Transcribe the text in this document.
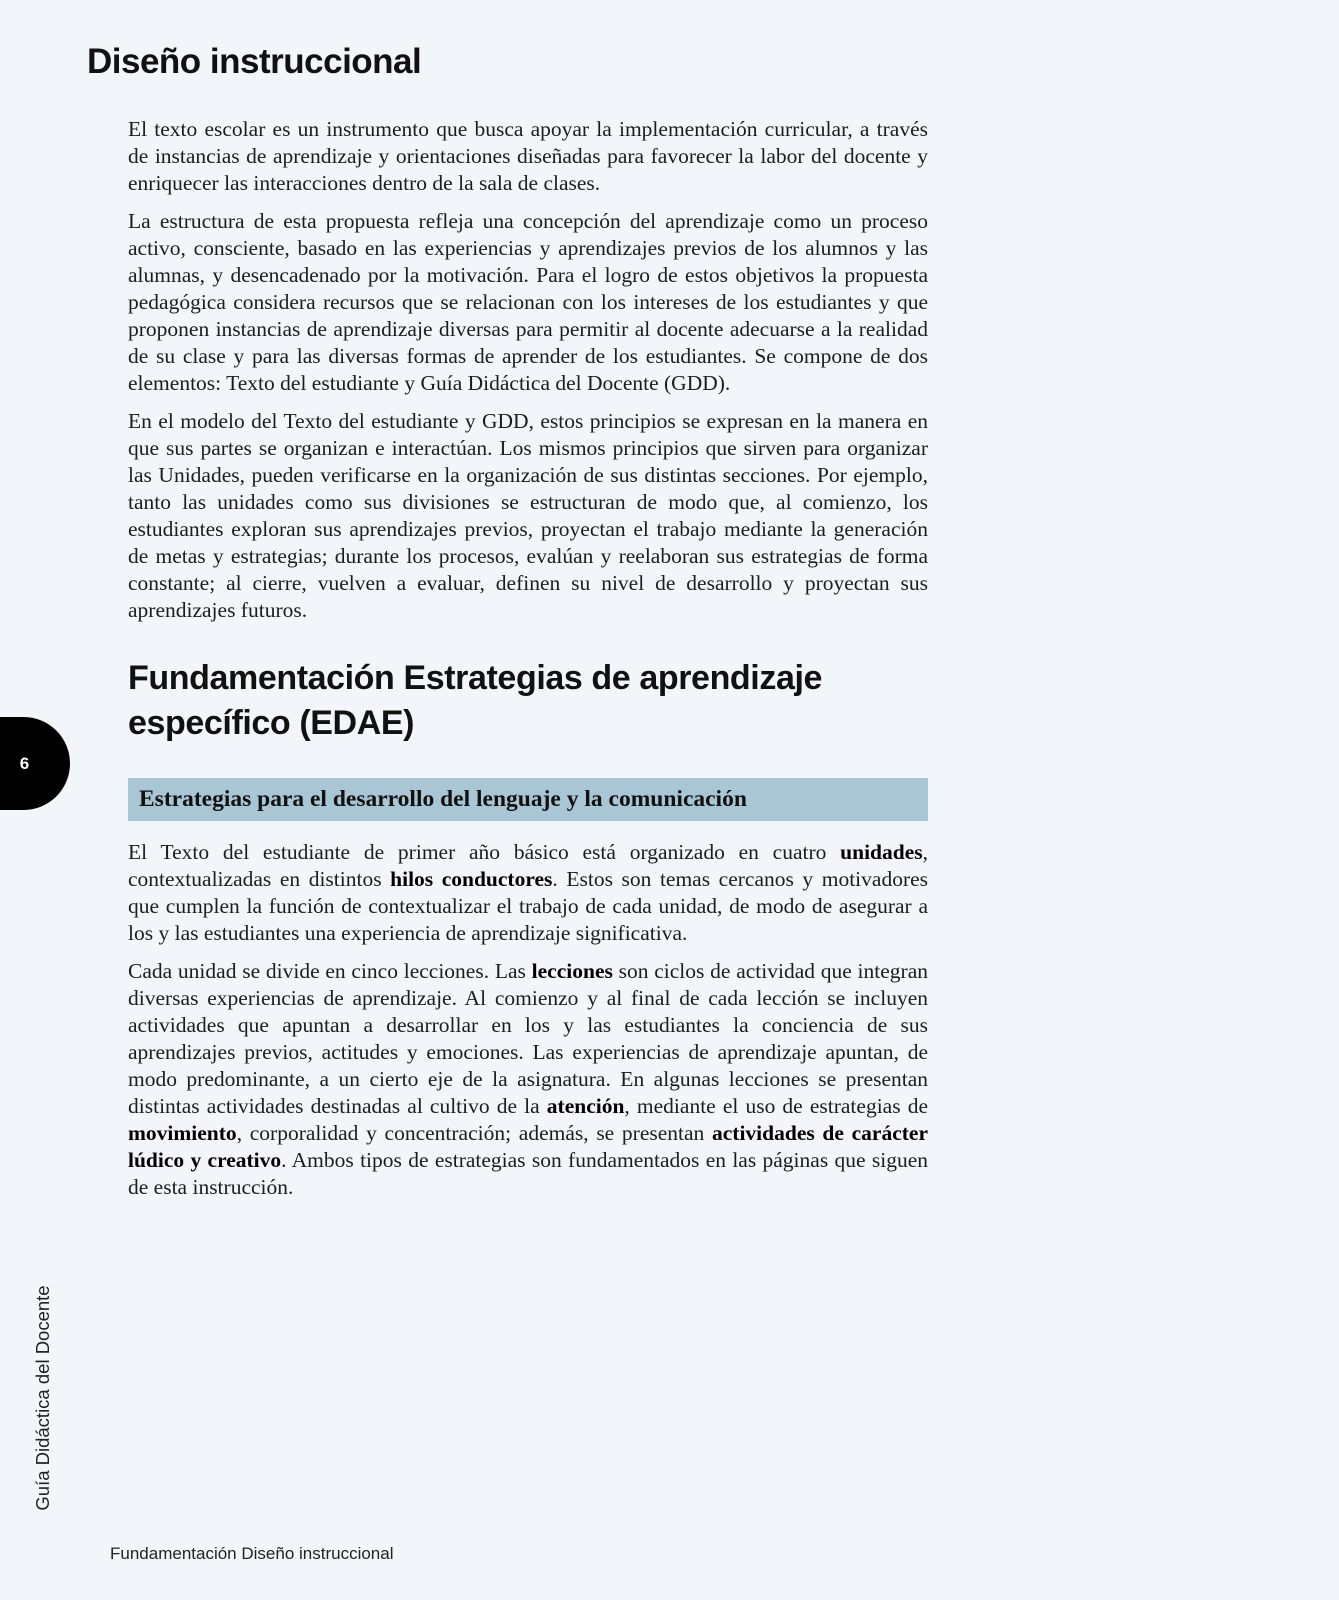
Diseño instruccional

El texto escolar es un instrumento que busca apoyar la implementación curricular, a través de instancias de aprendizaje y orientaciones diseñadas para favorecer la labor del docente y enriquecer las interacciones dentro de la sala de clases.

La estructura de esta propuesta refleja una concepción del aprendizaje como un proceso activo, consciente, basado en las experiencias y aprendizajes previos de los alumnos y las alumnas, y desencadenado por la motivación. Para el logro de estos objetivos la propuesta pedagógica considera recursos que se relacionan con los intereses de los estudiantes y que proponen instancias de aprendizaje diversas para permitir al docente adecuarse a la realidad de su clase y para las diversas formas de aprender de los estudiantes. Se compone de dos elementos: Texto del estudiante y Guía Didáctica del Docente (GDD).

En el modelo del Texto del estudiante y GDD, estos principios se expresan en la manera en que sus partes se organizan e interactúan. Los mismos principios que sirven para organizar las Unidades, pueden verificarse en la organización de sus distintas secciones. Por ejemplo, tanto las unidades como sus divisiones se estructuran de modo que, al comienzo, los estudiantes exploran sus aprendizajes previos, proyectan el trabajo mediante la generación de metas y estrategias; durante los procesos, evalúan y reelaboran sus estrategias de forma constante; al cierre, vuelven a evaluar, definen su nivel de desarrollo y proyectan sus aprendizajes futuros.

Fundamentación Estrategias de aprendizaje específico (EDAE)
Estrategias para el desarrollo del lenguaje y la comunicación

El Texto del estudiante de primer año básico está organizado en cuatro unidades, contextualizadas en distintos hilos conductores. Estos son temas cercanos y motivadores que cumplen la función de contextualizar el trabajo de cada unidad, de modo de asegurar a los y las estudiantes una experiencia de aprendizaje significativa.

Cada unidad se divide en cinco lecciones. Las lecciones son ciclos de actividad que integran diversas experiencias de aprendizaje. Al comienzo y al final de cada lección se incluyen actividades que apuntan a desarrollar en los y las estudiantes la conciencia de sus aprendizajes previos, actitudes y emociones. Las experiencias de aprendizaje apuntan, de modo predominante, a un cierto eje de la asignatura. En algunas lecciones se presentan distintas actividades destinadas al cultivo de la atención, mediante el uso de estrategias de movimiento, corporalidad y concentración; además, se presentan actividades de carácter lúdico y creativo. Ambos tipos de estrategias son fundamentados en las páginas que siguen de esta instrucción.

6
Guía Didáctica del Docente
Fundamentación Diseño instruccional
